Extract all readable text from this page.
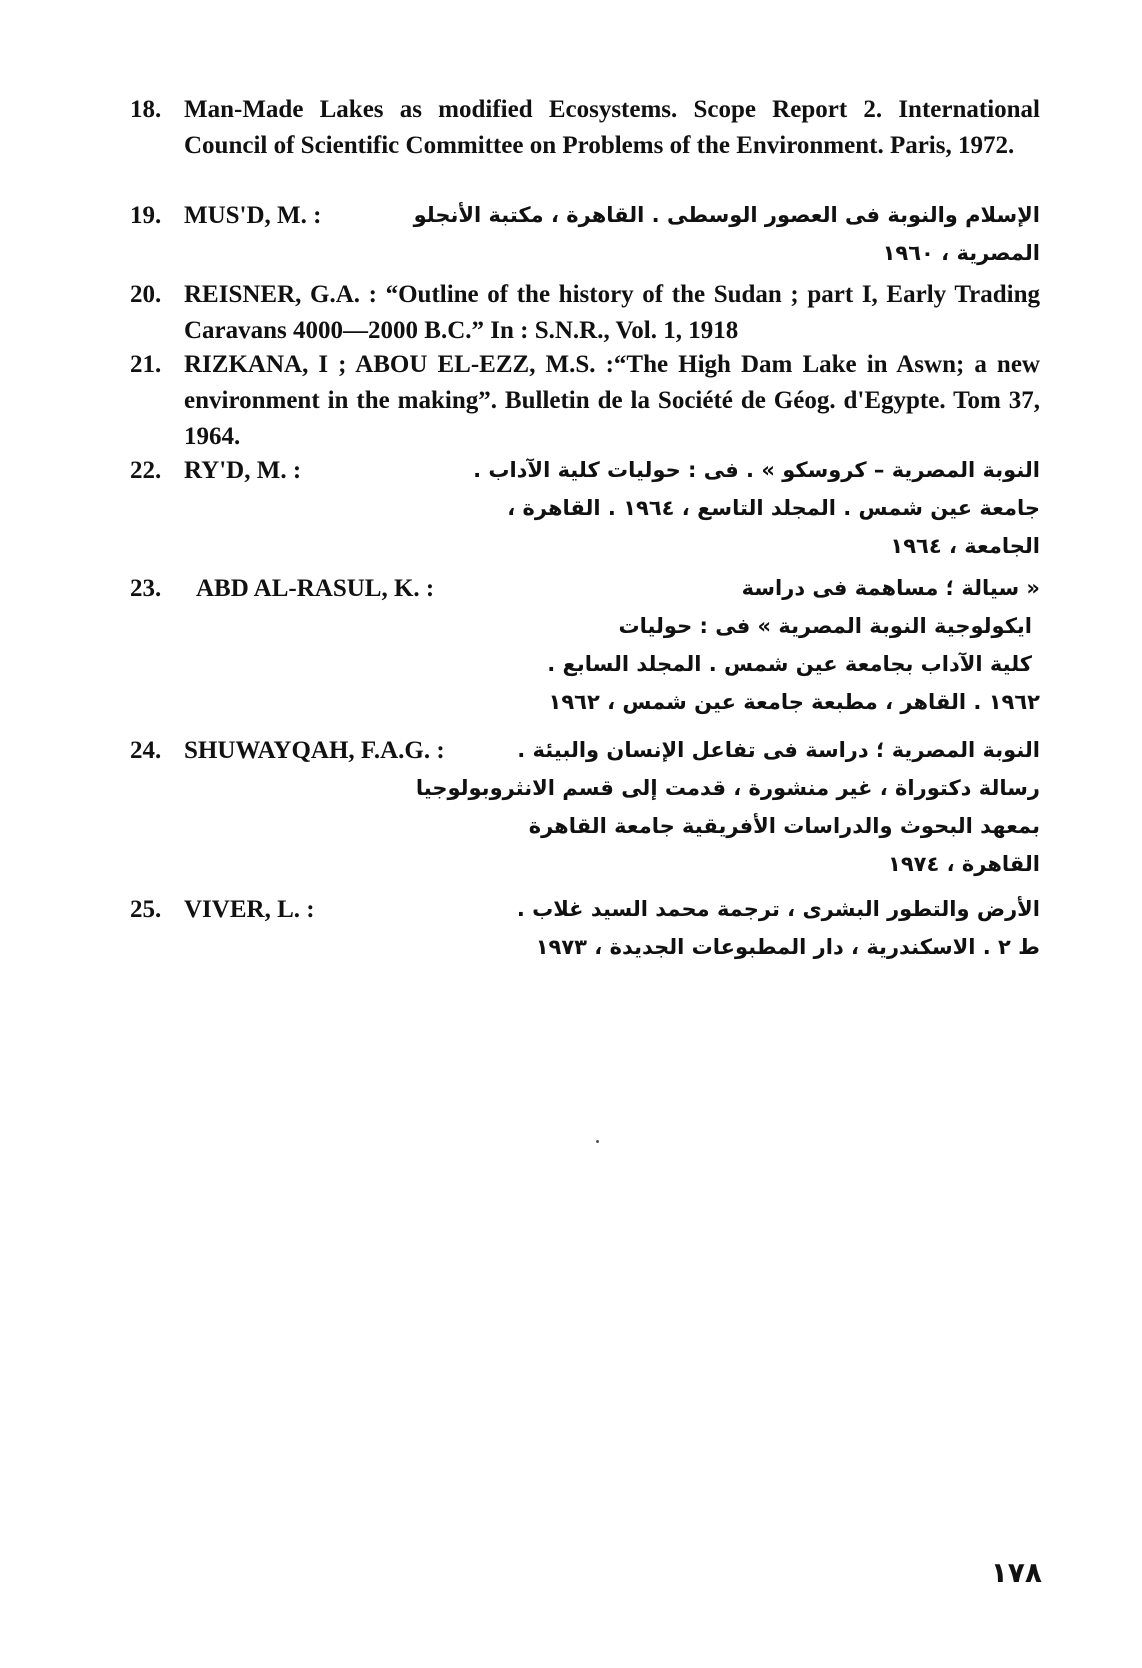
18. Man-Made Lakes as modified Ecosystems. Scope Report 2. International Council of Scientific Committee on Problems of the Environment. Paris, 1972.
19. MUS'D, M. :	الإسلام والنوبة فى العصور الوسطى . القاهرة ، مكتبة الأنجلو
المصرية ، ١٩٦٠
20. REISNER, G.A. : “Outline of the history of the Sudan ; part I, Early Trading Caravans 4000—2000 B.C.” In : S.N.R., Vol. 1, 1918
21. RIZKANA, I ; ABOU EL-EZZ, M.S. :“The High Dam Lake in Aswn; a new environment in the making”. Bulletin de la Société de Géog. d'Egypte. Tom 37, 1964.
22. RY'D, M. :	النوبة المصرية – كروسكو » . فى : حوليات كلية الآداب .
جامعة عين شمس . المجلد التاسع ، ١٩٦٤ . القاهرة ،
الجامعة ، ١٩٦٤
23. ABD AL-RASUL, K. :	« سيالة ؛ مساهمة فى دراسة
ايكولوجية النوبة المصرية » فى : حوليات
كلية الآداب بجامعة عين شمس . المجلد السابع .
١٩٦٢ . القاهر ، مطبعة جامعة عين شمس ، ١٩٦٢
24. SHUWAYQAH, F.A.G. :	النوبة المصرية ؛ دراسة فى تفاعل الإنسان والبيئة .
رسالة دكتوراة ، غير منشورة ، قدمت إلى قسم الانثروبولوجيا
بمعهد البحوث والدراسات الأفريقية جامعة القاهرة
القاهرة ، ١٩٧٤
25. VIVER, L. :	الأرض والتطور البشرى ، ترجمة محمد السيد غلاب .
ط ٢ . الاسكندرية ، دار المطبوعات الجديدة ، ١٩٧٣
١٧٨
